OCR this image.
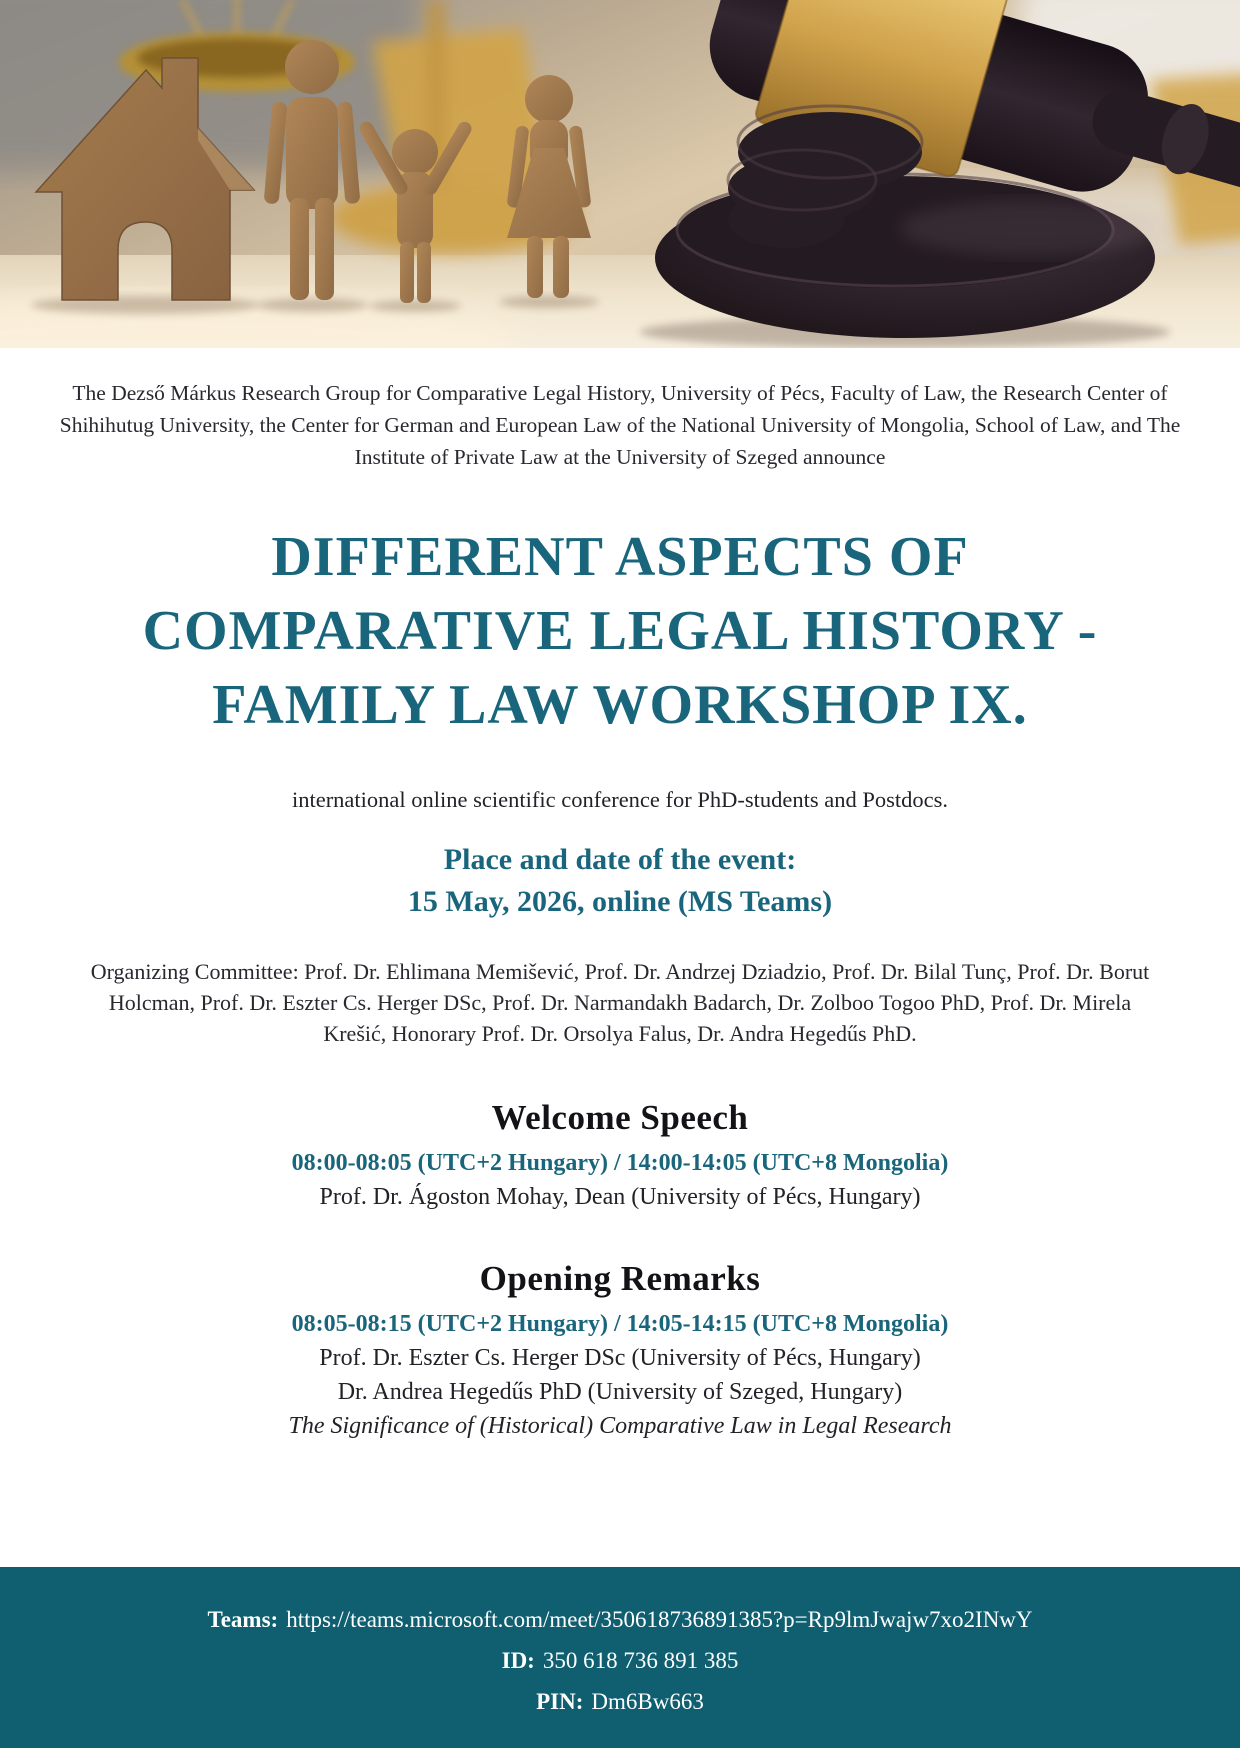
The Dezső Márkus Research Group for Comparative Legal History, University of Pécs, Faculty of Law, the Research Center of Shihihutug University, the Center for German and European Law of the National University of Mongolia, School of Law, and The Institute of Private Law at the University of Szeged announce

DIFFERENT ASPECTS OF
COMPARATIVE LEGAL HISTORY -
FAMILY LAW WORKSHOP IX.
international online scientific conference for PhD-students and Postdocs.
Place and date of the event:
15 May, 2026, online (MS Teams)

Organizing Committee: Prof. Dr. Ehlimana Memišević, Prof. Dr. Andrzej Dziadzio, Prof. Dr. Bilal Tunç, Prof. Dr. Borut Holcman, Prof. Dr. Eszter Cs. Herger DSc, Prof. Dr. Narmandakh Badarch, Dr. Zolboo Togoo PhD, Prof. Dr. Mirela Krešić, Honorary Prof. Dr. Orsolya Falus, Dr. Andra Hegedűs PhD.

Welcome Speech
08:00-08:05 (UTC+2 Hungary) / 14:00-14:05 (UTC+8 Mongolia)
Prof. Dr. Ágoston Mohay, Dean (University of Pécs, Hungary)
Opening Remarks
08:05-08:15 (UTC+2 Hungary) / 14:05-14:15 (UTC+8 Mongolia)
Prof. Dr. Eszter Cs. Herger DSc (University of Pécs, Hungary)
Dr. Andrea Hegedűs PhD (University of Szeged, Hungary)
The Significance of (Historical) Comparative Law in Legal Research
Teams: https://teams.microsoft.com/meet/350618736891385?p=Rp9lmJwajw7xo2INwY
ID: 350 618 736 891 385
PIN: Dm6Bw663
